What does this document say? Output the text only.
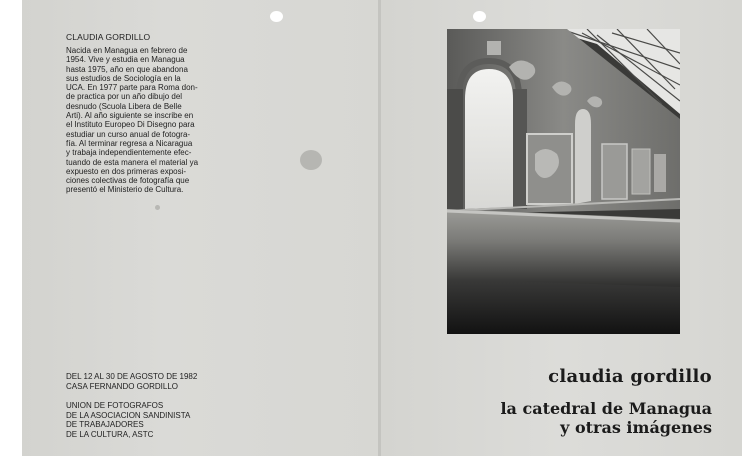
CLAUDIA GORDILLO
Nacida en Managua en febrero de
1954. Vive y estudia en Managua
hasta 1975, año en que abandona
sus estudios de Sociología en la
UCA. En 1977 parte para Roma don-
de practica por un año dibujo del
desnudo (Scuola Libera de Belle
Arti). Al año siguiente se inscribe en
el Instituto Europeo Di Disegno para
estudiar un curso anual de fotogra-
fía. Al terminar regresa a Nicaragua
y trabaja independientemente efec-
tuando de esta manera el material ya
expuesto en dos primeras exposi-
ciones colectivas de fotografía que
presentó el Ministerio de Cultura.
DEL 12 AL 30 DE AGOSTO DE 1982
CASA FERNANDO GORDILLO
UNION DE FOTOGRAFOS
DE LA ASOCIACION SANDINISTA
DE TRABAJADORES
DE LA CULTURA, ASTC
claudia gordillo
la catedral de Managua
y otras imágenes
